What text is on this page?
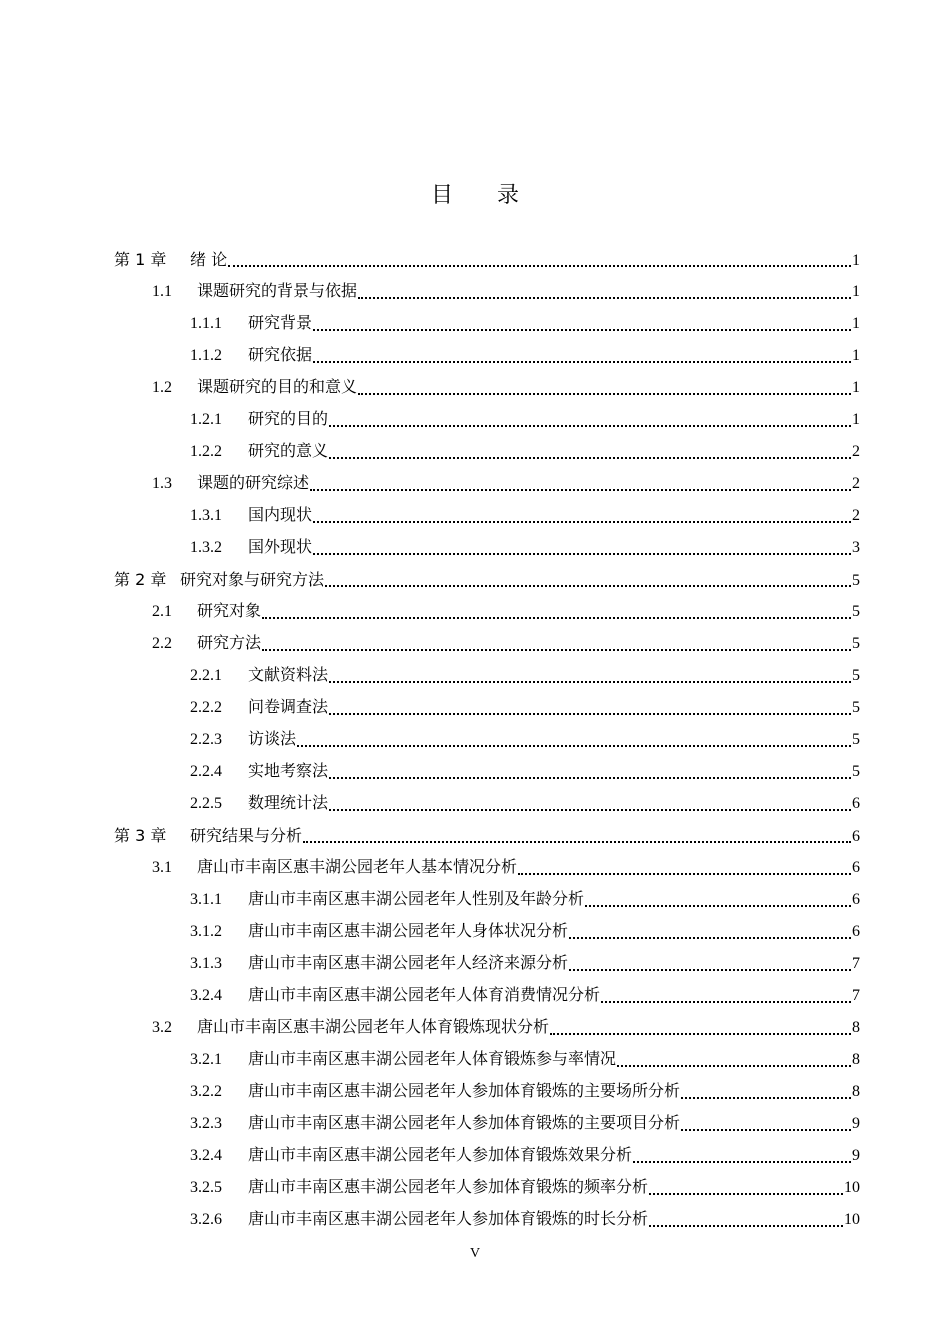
目录
第 1 章	绪 论	1
1.1	课题研究的背景与依据	1
1.1.1	研究背景	1
1.1.2	研究依据	1
1.2	课题研究的目的和意义	1
1.2.1	研究的目的	1
1.2.2	研究的意义	2
1.3	课题的研究综述	2
1.3.1	国内现状	2
1.3.2	国外现状	3
第 2 章 研究对象与研究方法	5
2.1	研究对象	5
2.2	研究方法	5
2.2.1	文献资料法	5
2.2.2	问卷调查法	5
2.2.3	访谈法	5
2.2.4	实地考察法	5
2.2.5	数理统计法	6
第 3 章	研究结果与分析	6
3.1	唐山市丰南区惠丰湖公园老年人基本情况分析	6
3.1.1	唐山市丰南区惠丰湖公园老年人性别及年龄分析	6
3.1.2	唐山市丰南区惠丰湖公园老年人身体状况分析	6
3.1.3	唐山市丰南区惠丰湖公园老年人经济来源分析	7
3.2.4	唐山市丰南区惠丰湖公园老年人体育消费情况分析	7
3.2	唐山市丰南区惠丰湖公园老年人体育锻炼现状分析	8
3.2.1	唐山市丰南区惠丰湖公园老年人体育锻炼参与率情况	8
3.2.2	唐山市丰南区惠丰湖公园老年人参加体育锻炼的主要场所分析	8
3.2.3	唐山市丰南区惠丰湖公园老年人参加体育锻炼的主要项目分析	9
3.2.4	唐山市丰南区惠丰湖公园老年人参加体育锻炼效果分析	9
3.2.5	唐山市丰南区惠丰湖公园老年人参加体育锻炼的频率分析	10
3.2.6	唐山市丰南区惠丰湖公园老年人参加体育锻炼的时长分析	10
V
